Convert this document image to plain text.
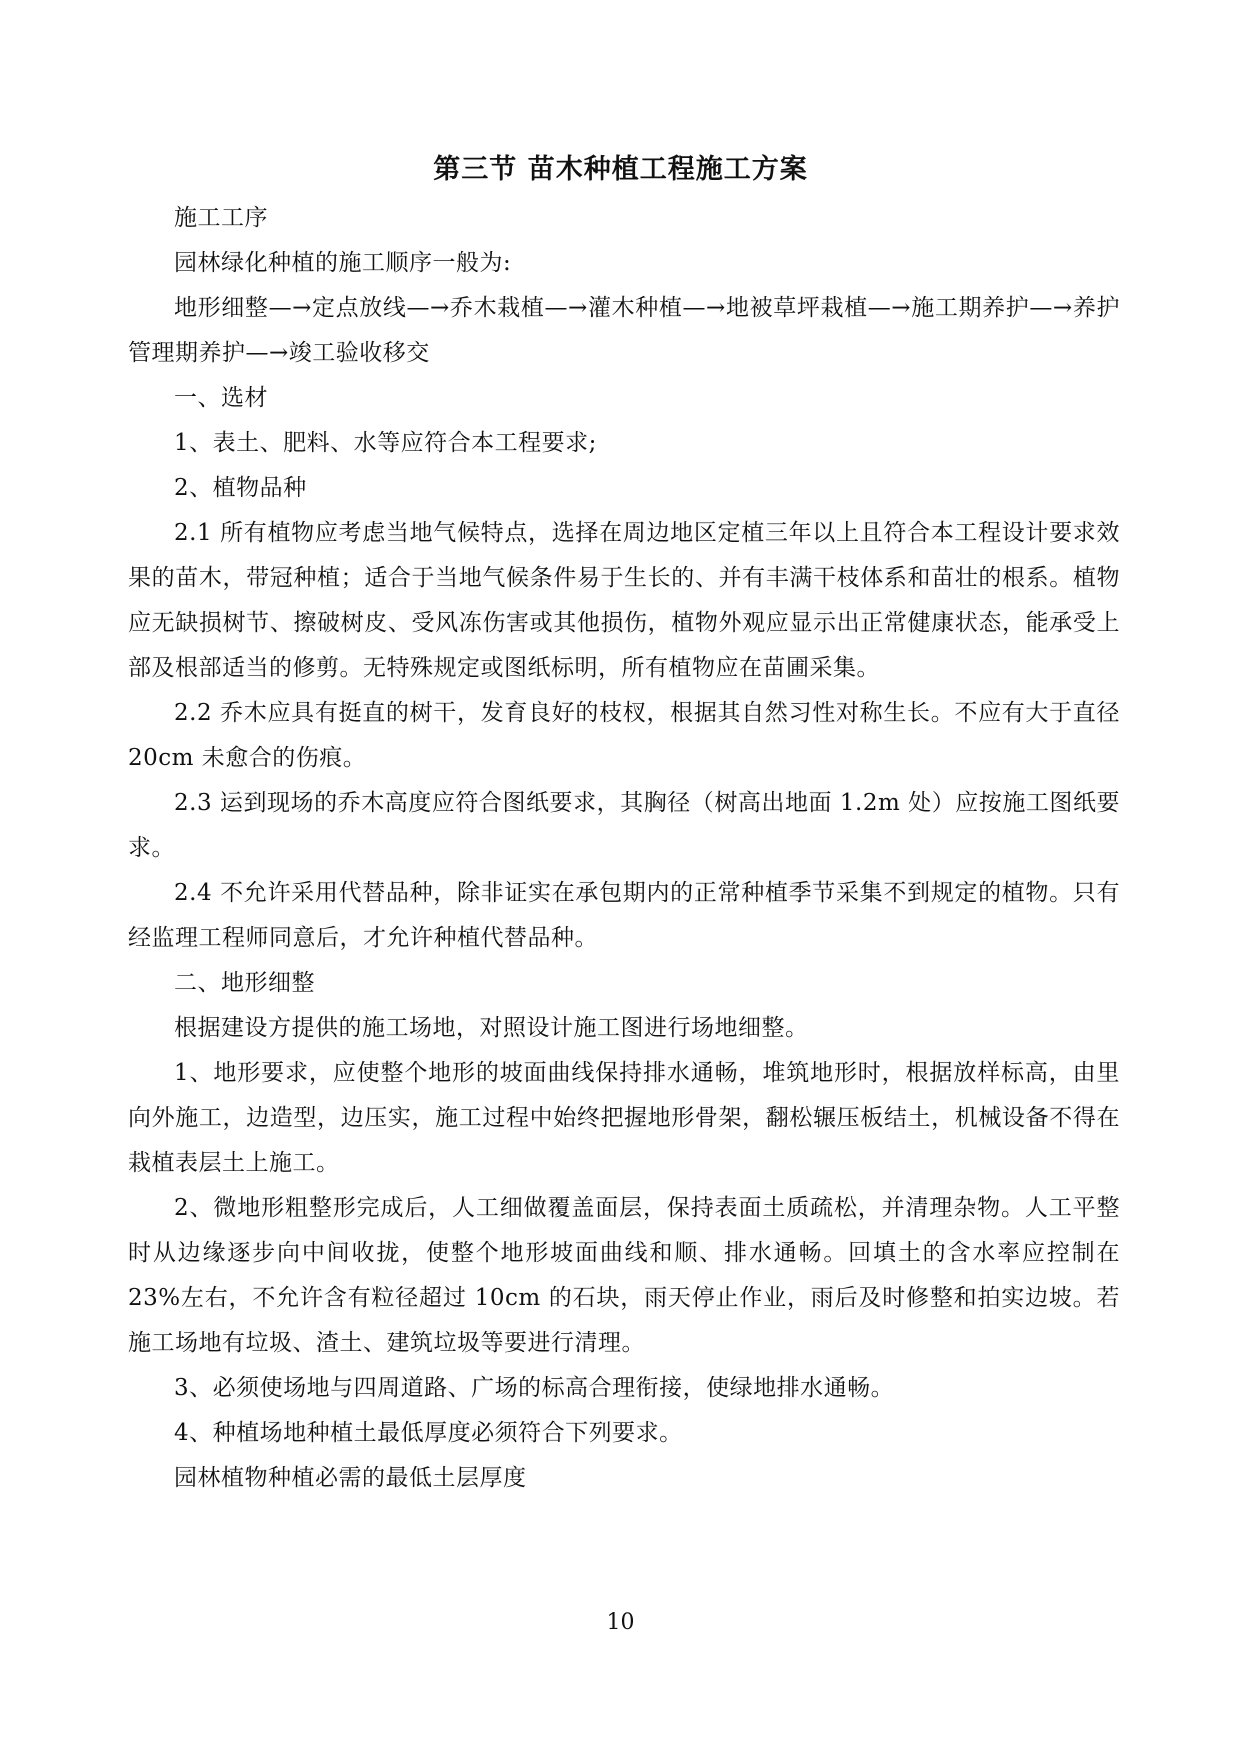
第三节 苗木种植工程施工方案

施工工序

园林绿化种植的施工顺序一般为:

地形细整—→定点放线—→乔木栽植—→灌木种植—→地被草坪栽植—→施工期养护—→养护管理期养护—→竣工验收移交

一、选材

1、表土、肥料、水等应符合本工程要求;

2、植物品种

2.1 所有植物应考虑当地气候特点，选择在周边地区定植三年以上且符合本工程设计要求效果的苗木，带冠种植；适合于当地气候条件易于生长的、并有丰满干枝体系和苗壮的根系。植物应无缺损树节、擦破树皮、受风冻伤害或其他损伤，植物外观应显示出正常健康状态，能承受上部及根部适当的修剪。无特殊规定或图纸标明，所有植物应在苗圃采集。

2.2 乔木应具有挺直的树干，发育良好的枝杈，根据其自然习性对称生长。不应有大于直径 20cm 未愈合的伤痕。

2.3 运到现场的乔木高度应符合图纸要求，其胸径（树高出地面 1.2m 处）应按施工图纸要求。

2.4 不允许采用代替品种，除非证实在承包期内的正常种植季节采集不到规定的植物。只有经监理工程师同意后，才允许种植代替品种。

二、地形细整

根据建设方提供的施工场地，对照设计施工图进行场地细整。

1、地形要求，应使整个地形的坡面曲线保持排水通畅，堆筑地形时，根据放样标高，由里向外施工，边造型，边压实，施工过程中始终把握地形骨架，翻松辗压板结土，机械设备不得在栽植表层土上施工。

2、微地形粗整形完成后，人工细做覆盖面层，保持表面土质疏松，并清理杂物。人工平整时从边缘逐步向中间收拢，使整个地形坡面曲线和顺、排水通畅。回填土的含水率应控制在 23%左右，不允许含有粒径超过 10cm 的石块，雨天停止作业，雨后及时修整和拍实边坡。若施工场地有垃圾、渣土、建筑垃圾等要进行清理。

3、必须使场地与四周道路、广场的标高合理衔接，使绿地排水通畅。

4、种植场地种植土最低厚度必须符合下列要求。

园林植物种植必需的最低土层厚度

10
